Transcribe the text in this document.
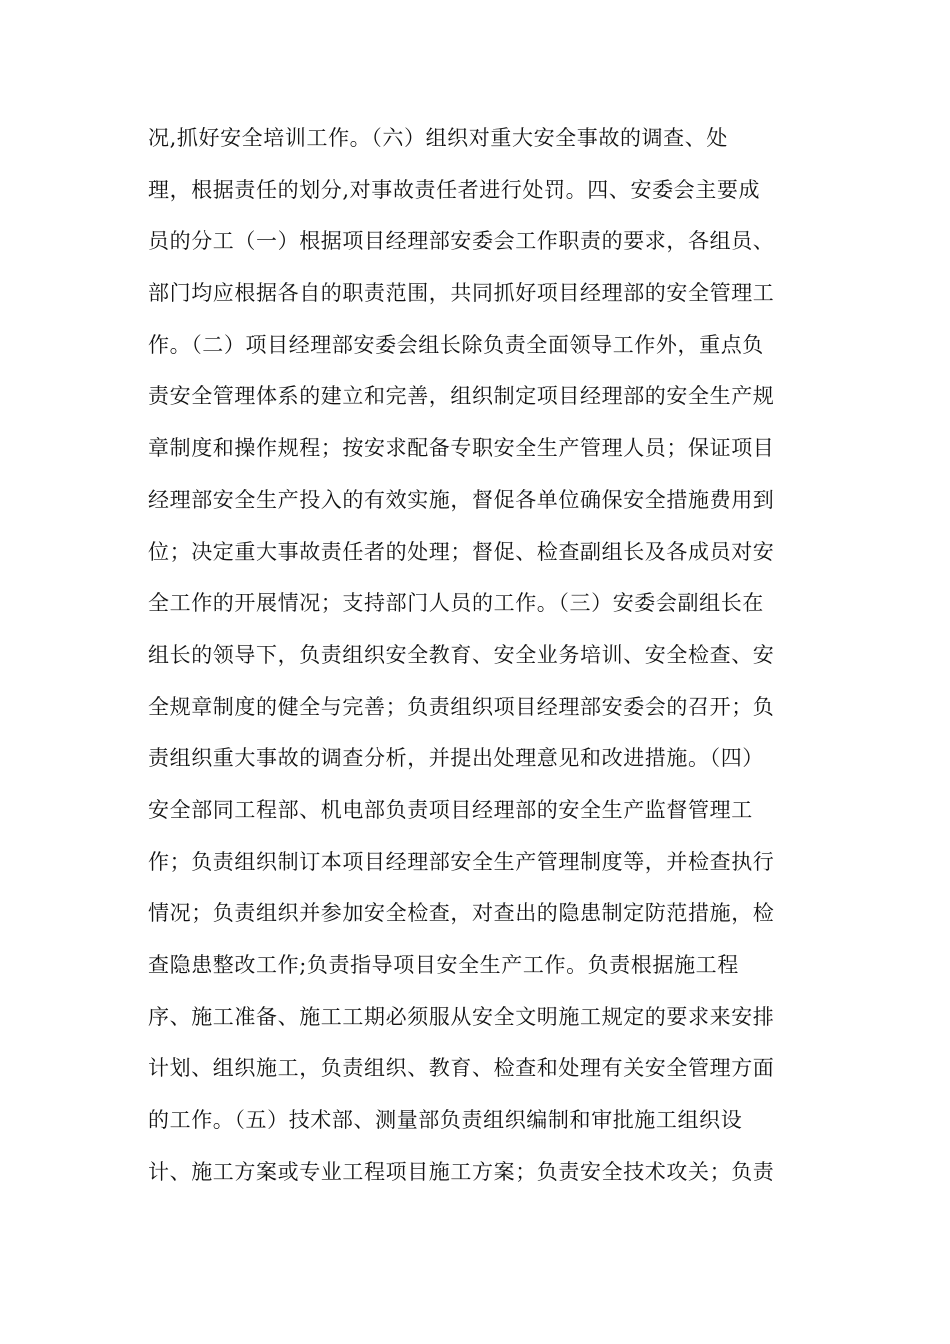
况,抓好安全培训工作。（六）组织对重大安全事故的调查、处
理，根据责任的划分,对事故责任者进行处罚。四、安委会主要成
员的分工（一）根据项目经理部安委会工作职责的要求，各组员、
部门均应根据各自的职责范围，共同抓好项目经理部的安全管理工
作。（二）项目经理部安委会组长除负责全面领导工作外，重点负
责安全管理体系的建立和完善，组织制定项目经理部的安全生产规
章制度和操作规程；按安求配备专职安全生产管理人员；保证项目
经理部安全生产投入的有效实施，督促各单位确保安全措施费用到
位；决定重大事故责任者的处理；督促、检查副组长及各成员对安
全工作的开展情况；支持部门人员的工作。（三）安委会副组长在
组长的领导下，负责组织安全教育、安全业务培训、安全检查、安
全规章制度的健全与完善；负责组织项目经理部安委会的召开；负
责组织重大事故的调查分析，并提出处理意见和改进措施。（四）
安全部同工程部、机电部负责项目经理部的安全生产监督管理工
作；负责组织制订本项目经理部安全生产管理制度等，并检查执行
情况；负责组织并参加安全检查，对查出的隐患制定防范措施，检
查隐患整改工作;负责指导项目安全生产工作。负责根据施工程
序、施工准备、施工工期必须服从安全文明施工规定的要求来安排
计划、组织施工，负责组织、教育、检查和处理有关安全管理方面
的工作。（五）技术部、测量部负责组织编制和审批施工组织设
计、施工方案或专业工程项目施工方案；负责安全技术攻关；负责
